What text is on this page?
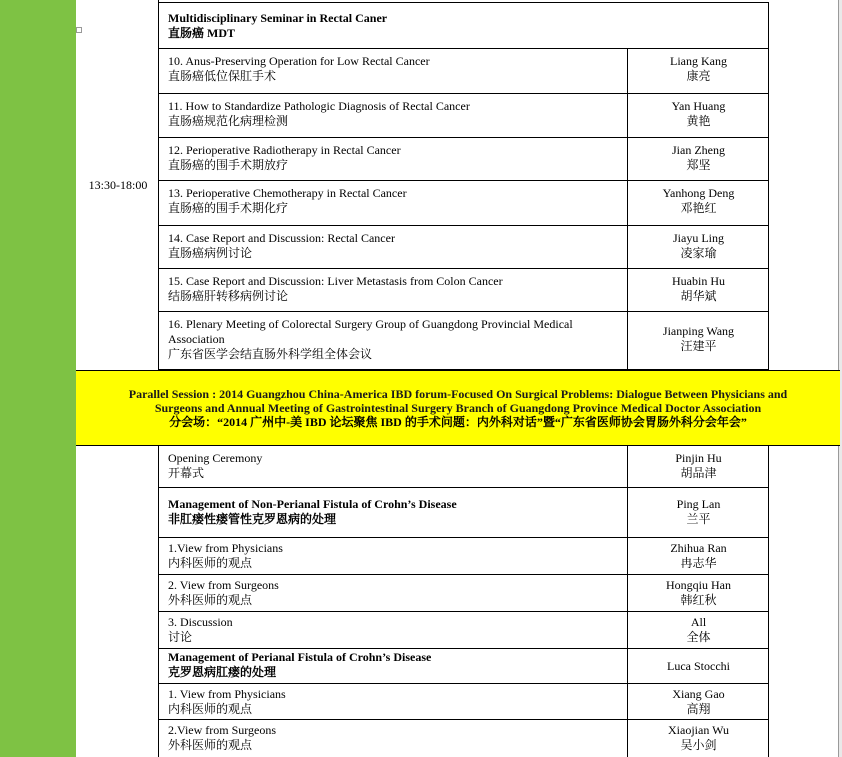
13:30-18:00
Multidisciplinary Seminar in Rectal Caner
直肠癌 MDT
10. Anus-Preserving Operation for Low Rectal Cancer
直肠癌低位保肛手术
Liang Kang
康亮
11. How to Standardize Pathologic Diagnosis of Rectal Cancer
直肠癌规范化病理检测
Yan Huang
黄艳
12. Perioperative Radiotherapy in Rectal Cancer
直肠癌的围手术期放疗
Jian Zheng
郑坚
13. Perioperative Chemotherapy in Rectal Cancer
直肠癌的围手术期化疗
Yanhong Deng
邓艳红
14. Case Report and Discussion: Rectal Cancer
直肠癌病例讨论
Jiayu Ling
凌家瑜
15. Case Report and Discussion: Liver Metastasis from Colon Cancer
结肠癌肝转移病例讨论
Huabin Hu
胡华斌
16. Plenary Meeting of Colorectal Surgery Group of Guangdong Provincial Medical Association
广东省医学会结直肠外科学组全体会议
Jianping Wang
汪建平
Parallel Session : 2014 Guangzhou China-America IBD forum-Focused On Surgical Problems: Dialogue Between Physicians and
Surgeons and Annual Meeting of Gastrointestinal Surgery Branch of Guangdong Province Medical Doctor Association
分会场：“2014 广州中-美 IBD 论坛聚焦 IBD 的手术问题：内外科对话”暨“广东省医师协会胃肠外科分会年会”
Opening Ceremony
开幕式
Pinjin Hu
胡品津
Management of Non-Perianal Fistula of Crohn’s Disease
非肛瘘性瘘管性克罗恩病的处理
Ping Lan
兰平
1.View from Physicians
内科医师的观点
Zhihua Ran
冉志华
2. View from Surgeons
外科医师的观点
Hongqiu Han
韩红秋
3. Discussion
讨论
All
全体
Management of Perianal Fistula of Crohn’s Disease
克罗恩病肛瘘的处理	Luca Stocchi
1. View from Physicians
内科医师的观点
Xiang Gao
高翔
2.View from Surgeons
外科医师的观点
Xiaojian Wu
吴小剑
